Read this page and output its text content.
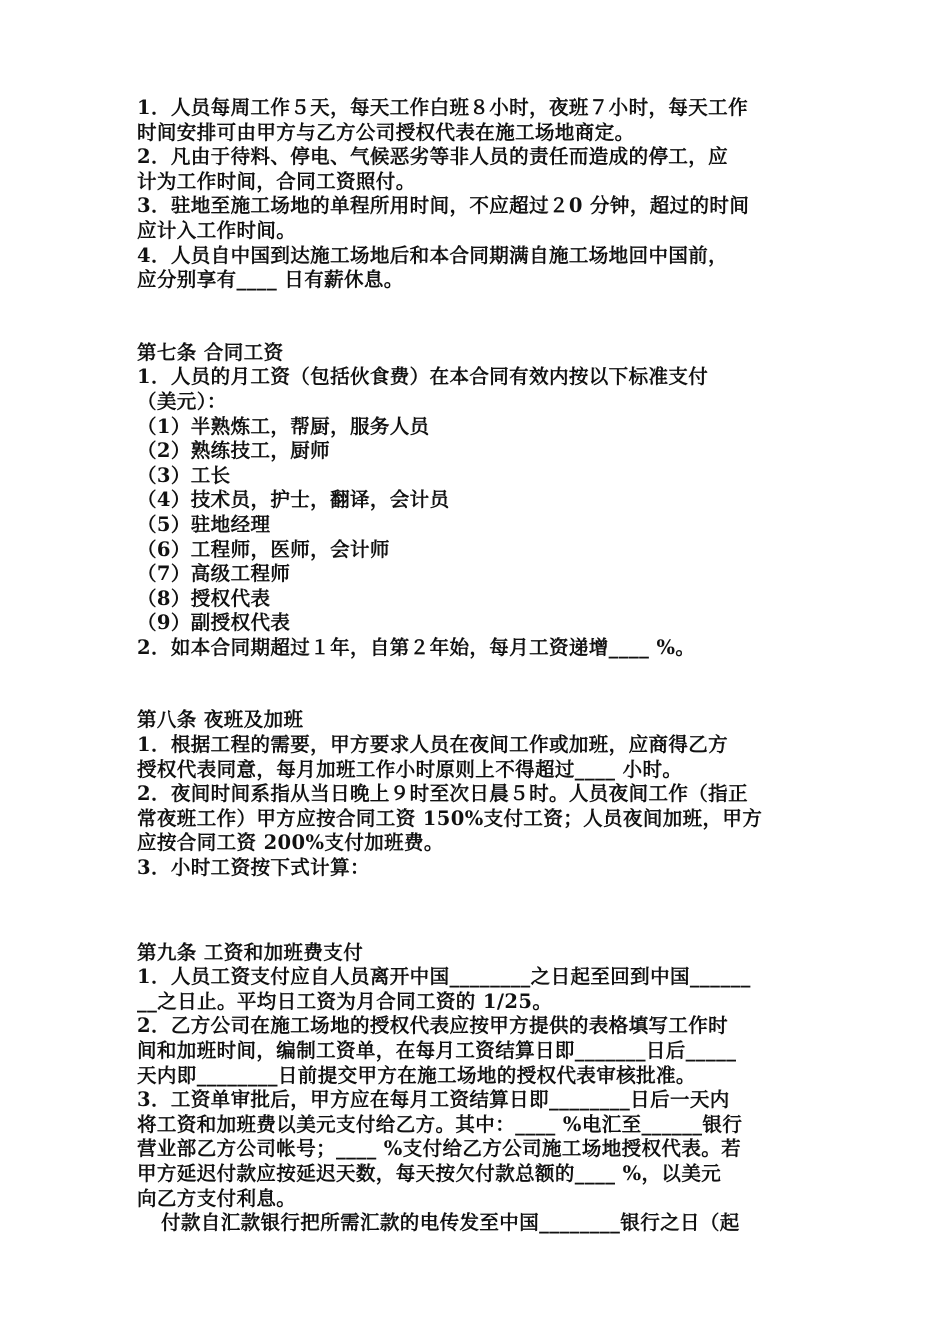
1．人员每周工作５天，每天工作白班８小时，夜班７小时，每天工作
时间安排可由甲方与乙方公司授权代表在施工场地商定。
2．凡由于待料、停电、气候恶劣等非人员的责任而造成的停工，应
计为工作时间，合同工资照付。
3．驻地至施工场地的单程所用时间，不应超过２0 分钟，超过的时间
应计入工作时间。
4．人员自中国到达施工场地后和本合同期满自施工场地回中国前，
应分别享有____ 日有薪休息。
第七条 合同工资
1．人员的月工资（包括伙食费）在本合同有效内按以下标准支付
（美元）：
（1）半熟炼工，帮厨，服务人员
（2）熟练技工，厨师
（3）工长
（4）技术员，护士，翻译，会计员
（5）驻地经理
（6）工程师，医师，会计师
（7）高级工程师
（8）授权代表
（9）副授权代表
2．如本合同期超过１年，自第２年始，每月工资递增____ %。
第八条 夜班及加班
1．根据工程的需要，甲方要求人员在夜间工作或加班，应商得乙方
授权代表同意，每月加班工作小时原则上不得超过____ 小时。
2．夜间时间系指从当日晚上９时至次日晨５时。人员夜间工作（指正
常夜班工作）甲方应按合同工资 150%支付工资；人员夜间加班，甲方
应按合同工资 200%支付加班费。
3．小时工资按下式计算：
第九条 工资和加班费支付
1．人员工资支付应自人员离开中国________之日起至回到中国______
__之日止。平均日工资为月合同工资的 1/25。
2．乙方公司在施工场地的授权代表应按甲方提供的表格填写工作时
间和加班时间，编制工资单，在每月工资结算日即_______日后_____
天内即________日前提交甲方在施工场地的授权代表审核批准。
3．工资单审批后，甲方应在每月工资结算日即________日后一天内
将工资和加班费以美元支付给乙方。其中：____ %电汇至______银行
营业部乙方公司帐号；____ %支付给乙方公司施工场地授权代表。若
甲方延迟付款应按延迟天数，每天按欠付款总额的____ %，以美元
向乙方支付利息。
付款自汇款银行把所需汇款的电传发至中国________银行之日（起
